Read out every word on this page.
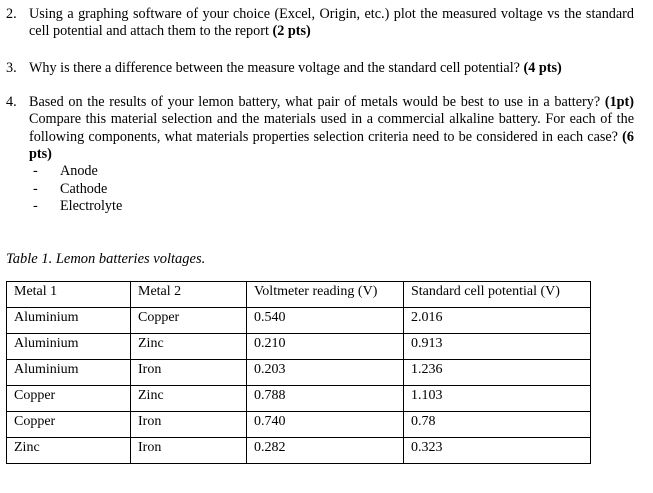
2. Using a graphing software of your choice (Excel, Origin, etc.) plot the measured voltage vs the standard cell potential and attach them to the report (2 pts)
3. Why is there a difference between the measure voltage and the standard cell potential? (4 pts)
4. Based on the results of your lemon battery, what pair of metals would be best to use in a battery? (1pt) Compare this material selection and the materials used in a commercial alkaline battery. For each of the following components, what materials properties selection criteria need to be considered in each case? (6 pts)
- Anode
- Cathode
- Electrolyte
Table 1. Lemon batteries voltages.
Metal 1	Metal 2	Voltmeter reading (V)	Standard cell potential (V)
Aluminium	Copper	0.540	2.016
Aluminium	Zinc	0.210	0.913
Aluminium	Iron	0.203	1.236
Copper	Zinc	0.788	1.103
Copper	Iron	0.740	0.78
Zinc	Iron	0.282	0.323
